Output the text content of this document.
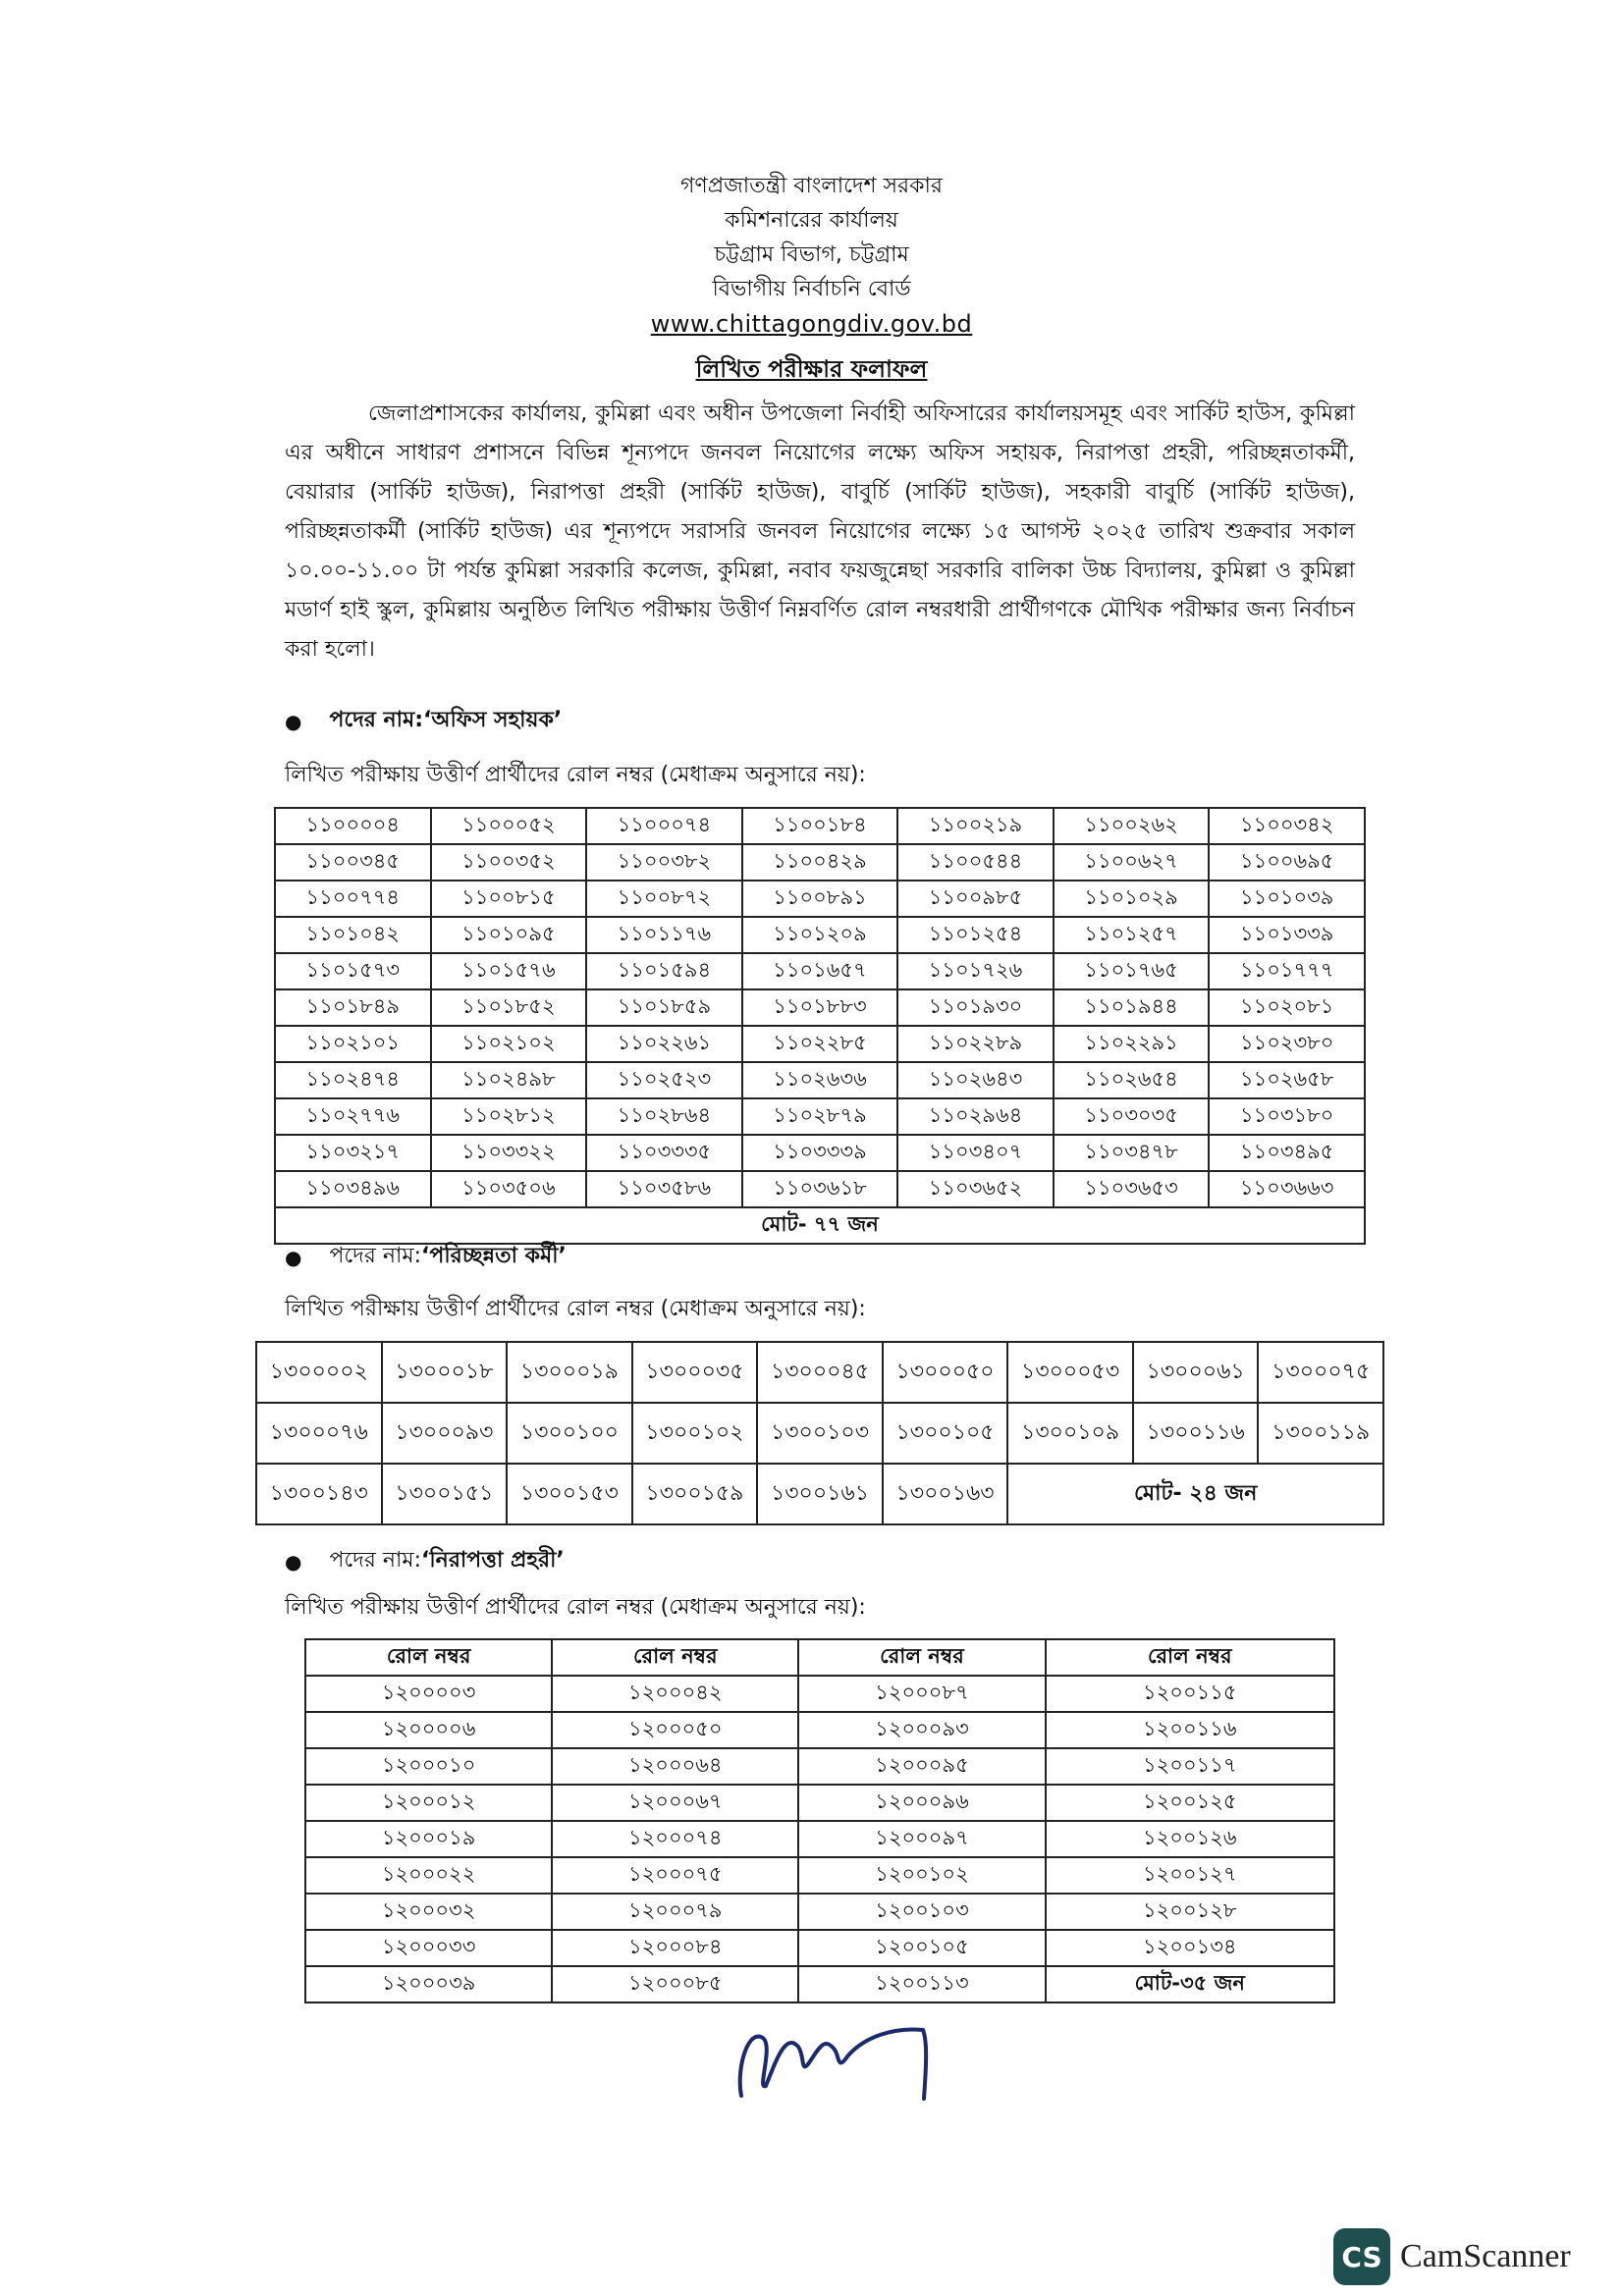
গণপ্রজাতন্ত্রী বাংলাদেশ সরকার
কমিশনারের কার্যালয়
চট্টগ্রাম বিভাগ, চট্টগ্রাম
বিভাগীয় নির্বাচনি বোর্ড
www.chittagongdiv.gov.bd
লিখিত পরীক্ষার ফলাফল
জেলাপ্রশাসকের কার্যালয়, কুমিল্লা এবং অধীন উপজেলা নির্বাহী অফিসারের কার্যালয়সমূহ এবং সার্কিট হাউস, কুমিল্লা এর অধীনে সাধারণ প্রশাসনে বিভিন্ন শূন্যপদে জনবল নিয়োগের লক্ষ্যে অফিস সহায়ক, নিরাপত্তা প্রহরী, পরিচ্ছন্নতাকর্মী, বেয়ারার (সার্কিট হাউজ), নিরাপত্তা প্রহরী (সার্কিট হাউজ), বাবুর্চি (সার্কিট হাউজ), সহকারী বাবুর্চি (সার্কিট হাউজ), পরিচ্ছন্নতাকর্মী (সার্কিট হাউজ) এর শূন্যপদে সরাসরি জনবল নিয়োগের লক্ষ্যে ১৫ আগস্ট ২০২৫ তারিখ শুক্রবার সকাল ১০.০০-১১.০০ টা পর্যন্ত কুমিল্লা সরকারি কলেজ, কুমিল্লা, নবাব ফয়জুন্নেছা সরকারি বালিকা উচ্চ বিদ্যালয়, কুমিল্লা ও কুমিল্লা মডার্ণ হাই স্কুল, কুমিল্লায় অনুষ্ঠিত লিখিত পরীক্ষায় উত্তীর্ণ নিম্নবর্ণিত রোল নম্বরধারী প্রার্থীগণকে মৌখিক পরীক্ষার জন্য নির্বাচন করা হলো।
● পদের নাম: ‘অফিস সহায়ক’
লিখিত পরীক্ষায় উত্তীর্ণ প্রার্থীদের রোল নম্বর (মেধাক্রম অনুসারে নয়):
১১০০০০৪	১১০০০৫২	১১০০০৭৪	১১০০১৮৪	১১০০২১৯	১১০০২৬২	১১০০৩৪২
১১০০৩৪৫	১১০০৩৫২	১১০০৩৮২	১১০০৪২৯	১১০০৫৪৪	১১০০৬২৭	১১০০৬৯৫
১১০০৭৭৪	১১০০৮১৫	১১০০৮৭২	১১০০৮৯১	১১০০৯৮৫	১১০১০২৯	১১০১০৩৯
১১০১০৪২	১১০১০৯৫	১১০১১৭৬	১১০১২০৯	১১০১২৫৪	১১০১২৫৭	১১০১৩৩৯
১১০১৫৭৩	১১০১৫৭৬	১১০১৫৯৪	১১০১৬৫৭	১১০১৭২৬	১১০১৭৬৫	১১০১৭৭৭
১১০১৮৪৯	১১০১৮৫২	১১০১৮৫৯	১১০১৮৮৩	১১০১৯৩০	১১০১৯৪৪	১১০২০৮১
১১০২১০১	১১০২১০২	১১০২২৬১	১১০২২৮৫	১১০২২৮৯	১১০২২৯১	১১০২৩৮০
১১০২৪৭৪	১১০২৪৯৮	১১০২৫২৩	১১০২৬৩৬	১১০২৬৪৩	১১০২৬৫৪	১১০২৬৫৮
১১০২৭৭৬	১১০২৮১২	১১০২৮৬৪	১১০২৮৭৯	১১০২৯৬৪	১১০৩০৩৫	১১০৩১৮০
১১০৩২১৭	১১০৩৩২২	১১০৩৩৩৫	১১০৩৩৩৯	১১০৩৪০৭	১১০৩৪৭৮	১১০৩৪৯৫
১১০৩৪৯৬	১১০৩৫০৬	১১০৩৫৮৬	১১০৩৬১৮	১১০৩৬৫২	১১০৩৬৫৩	১১০৩৬৬৩
মোট- ৭৭ জন						
● পদের নাম: ‘পরিচ্ছন্নতা কর্মী’
লিখিত পরীক্ষায় উত্তীর্ণ প্রার্থীদের রোল নম্বর (মেধাক্রম অনুসারে নয়):
১৩০০০০২	১৩০০০১৮	১৩০০০১৯	১৩০০০৩৫	১৩০০০৪৫	১৩০০০৫০	১৩০০০৫৩	১৩০০০৬১	১৩০০০৭৫
১৩০০০৭৬	১৩০০০৯৩	১৩০০১০০	১৩০০১০২	১৩০০১০৩	১৩০০১০৫	১৩০০১০৯	১৩০০১১৬	১৩০০১১৯
১৩০০১৪৩	১৩০০১৫১	১৩০০১৫৩	১৩০০১৫৯	১৩০০১৬১	১৩০০১৬৩	মোট- ২৪ জন		
● পদের নাম: ‘নিরাপত্তা প্রহরী’
লিখিত পরীক্ষায় উত্তীর্ণ প্রার্থীদের রোল নম্বর (মেধাক্রম অনুসারে নয়):
রোল নম্বর	রোল নম্বর	রোল নম্বর	রোল নম্বর
১২০০০০৩	১২০০০৪২	১২০০০৮৭	১২০০১১৫
১২০০০০৬	১২০০০৫০	১২০০০৯৩	১২০০১১৬
১২০০০১০	১২০০০৬৪	১২০০০৯৫	১২০০১১৭
১২০০০১২	১২০০০৬৭	১২০০০৯৬	১২০০১২৫
১২০০০১৯	১২০০০৭৪	১২০০০৯৭	১২০০১২৬
১২০০০২২	১২০০০৭৫	১২০০১০২	১২০০১২৭
১২০০০৩২	১২০০০৭৯	১২০০১০৩	১২০০১২৮
১২০০০৩৩	১২০০০৮৪	১২০০১০৫	১২০০১৩৪
১২০০০৩৯	১২০০০৮৫	১২০০১১৩	মোট-৩৫ জন
CS CamScanner
